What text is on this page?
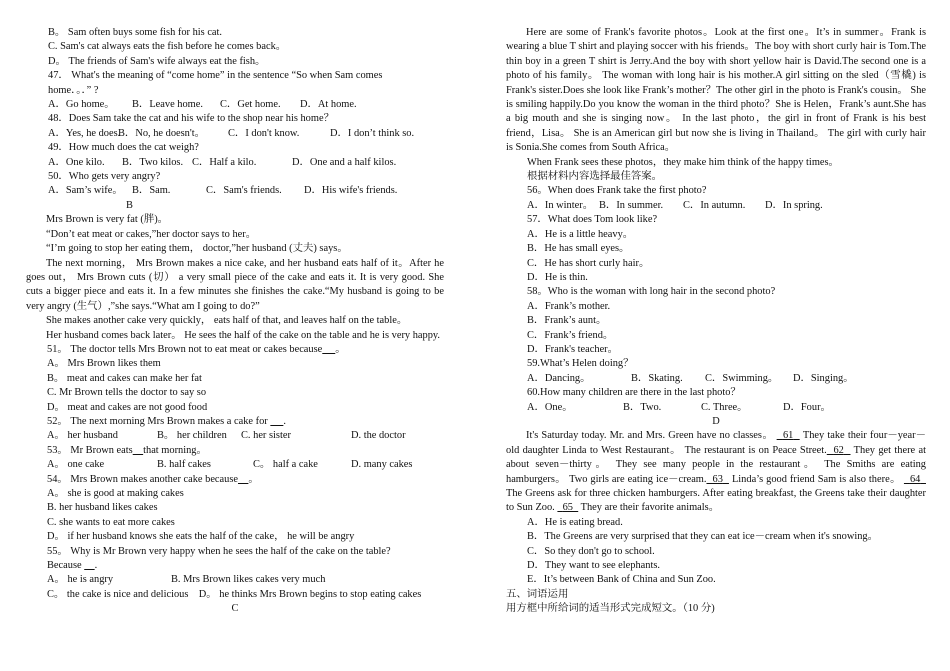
B。 Sam often buys some fish for his cat.
C. Sam's cat always eats the fish before he comes back。
D。 The friends of Sam's wife always eat the fish。
47． What's the meaning of “come home” in the sentence “So when Sam comes
home．。．” ?
A．Go home。 B．Leave home. C．Get home. D．At home.
48．Does Sam take the cat and his wife to the shop near his home？
A．Yes, he does.B．No, he doesn't。 C．I don't know.	D．I don’t think so.
49．How much does the cat weigh?
A．One kilo. B．Two kilos. C．Half a kilo.	D．One and a half kilos.
50．Who gets very angry?
A．Sam’s wife。 B．Sam.	C．Sam's friends. D．His wife's friends.
B
Mrs Brown is very fat (胖)。
“Don’t eat meat or cakes,”her doctor says to her。
“I’m going to stop her eating them， doctor,”her husband (丈夫) says。
The next morning， Mrs Brown makes a nice cake, and her husband eats half of it。After he goes out， Mrs Brown cuts (切） a very small piece of the cake and eats it. It is very good. She cuts a bigger piece and eats it. In a few minutes she finishes the cake.“My husband is going to be very angry (生气）,”she says.“What am I going to do?”
She makes another cake very quickly， eats half of that, and leaves half on the table。
Her husband comes back later。 He sees the half of the cake on the table and he is very happy.
51。 The doctor tells Mrs Brown not to eat meat or cakes because 。
A。 Mrs Brown likes them
B。 meat and cakes can make her fat
C. Mr Brown tells the doctor to say so
D。 meat and cakes are not good food
52。 The next morning Mrs Brown makes a cake for .
A。 her husband	B。 her children C. her sister	D. the doctor
53。 Mr Brown eats that morning。
A。 one cake	B. half cakes	C。 half a cake	D. many cakes
54。 Mrs Brown makes another cake because 。
A。 she is good at making cakes
B. her husband likes cakes
C. she wants to eat more cakes
D。 if her husband knows she eats the half of the cake， he will be angry
55。 Why is Mr Brown very happy when he sees the half of the cake on the table?
Because .
A。 he is angry	B. Mrs Brown likes cakes very much
C。 the cake is nice and delicious D。 he thinks Mrs Brown begins to stop eating cakes
C
Here are some of Frank's favorite photos。Look at the first one。It’s in summer。Frank is wearing a blue T shirt and playing soccer with his friends。The boy with short curly hair is Tom.The thin boy in a green T shirt is Jerry.And the boy with short yellow hair is David.The second one is a photo of his family。 The woman with long hair is his mother.A girl sitting on the sled（雪橇) is Frank's sister.Does she look like Frank’s mother？The other girl in the photo is Frank's cousin。 She is smiling happily.Do you know the woman in the third photo？She is Helen，Frank’s aunt.She has a big mouth and she is singing now。 In the last photo，the girl in front of Frank is his best friend，Lisa。 She is an American girl but now she is living in Thailand。 The girl with curly hair is Sonia.She comes from South Africa。
When Frank sees these photos，they make him think of the happy times。
根据材料内容选择最佳答案。
56。When does Frank take the first photo?
A．In winter。 B．In summer. C．In autumn. D．In spring.
57．What does Tom look like?
A．He is a little heavy。
B．He has small eyes。
C．He has short curly hair。
D．He is thin.
58。Who is the woman with long hair in the second photo?
A．Frank’s mother.
B．Frank’s aunt。
C．Frank’s friend。
D．Frank's teacher。
59.What’s Helen doing？
A．Dancing。	B．Skating. C．Swimming。 D．Singing。
60.How many children are there in the last photo？
A．One。	B．Two.	C. Three。	D．Four。
D
It's Saturday today. Mr. and Mrs. Green have no classes。 61 They take their four－year－old daughter Linda to West Restaurant。 The restaurant is on Peace Street. 62 They get there at about seven－thirty。 They see many people in the restaurant。 The Smiths are eating hamburgers。 Two girls are eating ice－cream. 63 Linda’s good friend Sam is also there。 64   The Greens ask for three chicken hamburgers. After eating breakfast, the Greens take their daughter to Sun Zoo. 65 They are their favorite animals。
A．He is eating bread.
B．The Greens are very surprised that they can eat ice－cream when it's snowing。
C．So they don't go to school.
D．They want to see elephants.
E．It’s between Bank of China and Sun Zoo.
五、词语运用
用方框中所给词的适当形式完成短文。（10 分)
